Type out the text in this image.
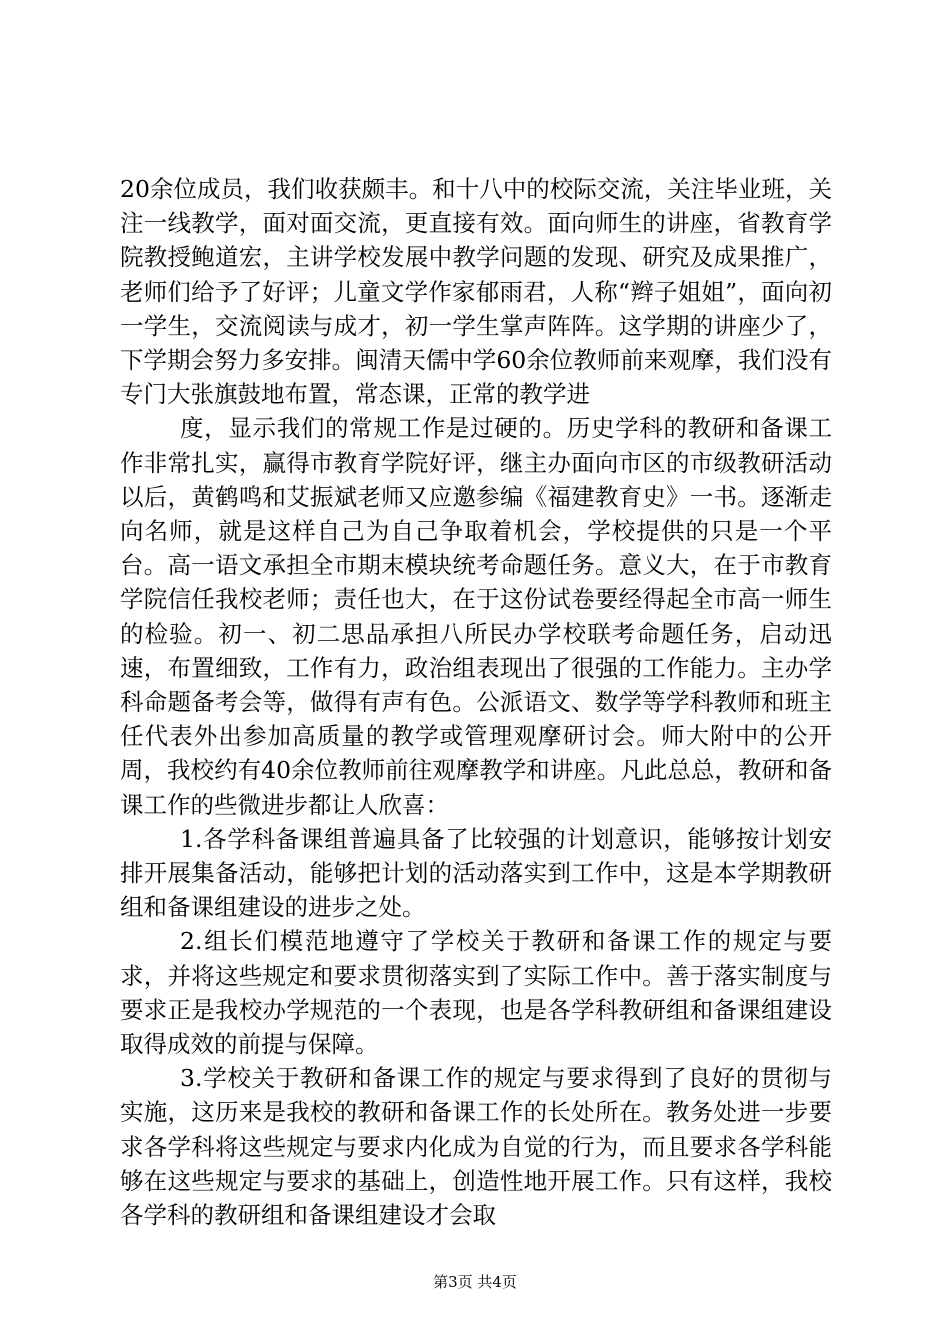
20余位成员，我们收获颇丰。和十八中的校际交流，关注毕业班，关注一线教学，面对面交流，更直接有效。面向师生的讲座，省教育学院教授鲍道宏，主讲学校发展中教学问题的发现、研究及成果推广，老师们给予了好评；儿童文学作家郁雨君，人称“辫子姐姐”，面向初一学生，交流阅读与成才，初一学生掌声阵阵。这学期的讲座少了，下学期会努力多安排。闽清天儒中学60余位教师前来观摩，我们没有专门大张旗鼓地布置，常态课，正常的教学进

度，显示我们的常规工作是过硬的。历史学科的教研和备课工作非常扎实，赢得市教育学院好评，继主办面向市区的市级教研活动以后，黄鹤鸣和艾振斌老师又应邀参编《福建教育史》一书。逐渐走向名师，就是这样自己为自己争取着机会，学校提供的只是一个平台。高一语文承担全市期末模块统考命题任务。意义大，在于市教育学院信任我校老师；责任也大，在于这份试卷要经得起全市高一师生的检验。初一、初二思品承担八所民办学校联考命题任务，启动迅速，布置细致，工作有力，政治组表现出了很强的工作能力。主办学科命题备考会等，做得有声有色。公派语文、数学等学科教师和班主任代表外出参加高质量的教学或管理观摩研讨会。师大附中的公开周，我校约有40余位教师前往观摩教学和讲座。凡此总总，教研和备课工作的些微进步都让人欣喜：

1.各学科备课组普遍具备了比较强的计划意识，能够按计划安排开展集备活动，能够把计划的活动落实到工作中，这是本学期教研组和备课组建设的进步之处。

2.组长们模范地遵守了学校关于教研和备课工作的规定与要求，并将这些规定和要求贯彻落实到了实际工作中。善于落实制度与要求正是我校办学规范的一个表现，也是各学科教研组和备课组建设取得成效的前提与保障。

3.学校关于教研和备课工作的规定与要求得到了良好的贯彻与实施，这历来是我校的教研和备课工作的长处所在。教务处进一步要求各学科将这些规定与要求内化成为自觉的行为，而且要求各学科能够在这些规定与要求的基础上，创造性地开展工作。只有这样，我校各学科的教研组和备课组建设才会取

第3页 共4页
